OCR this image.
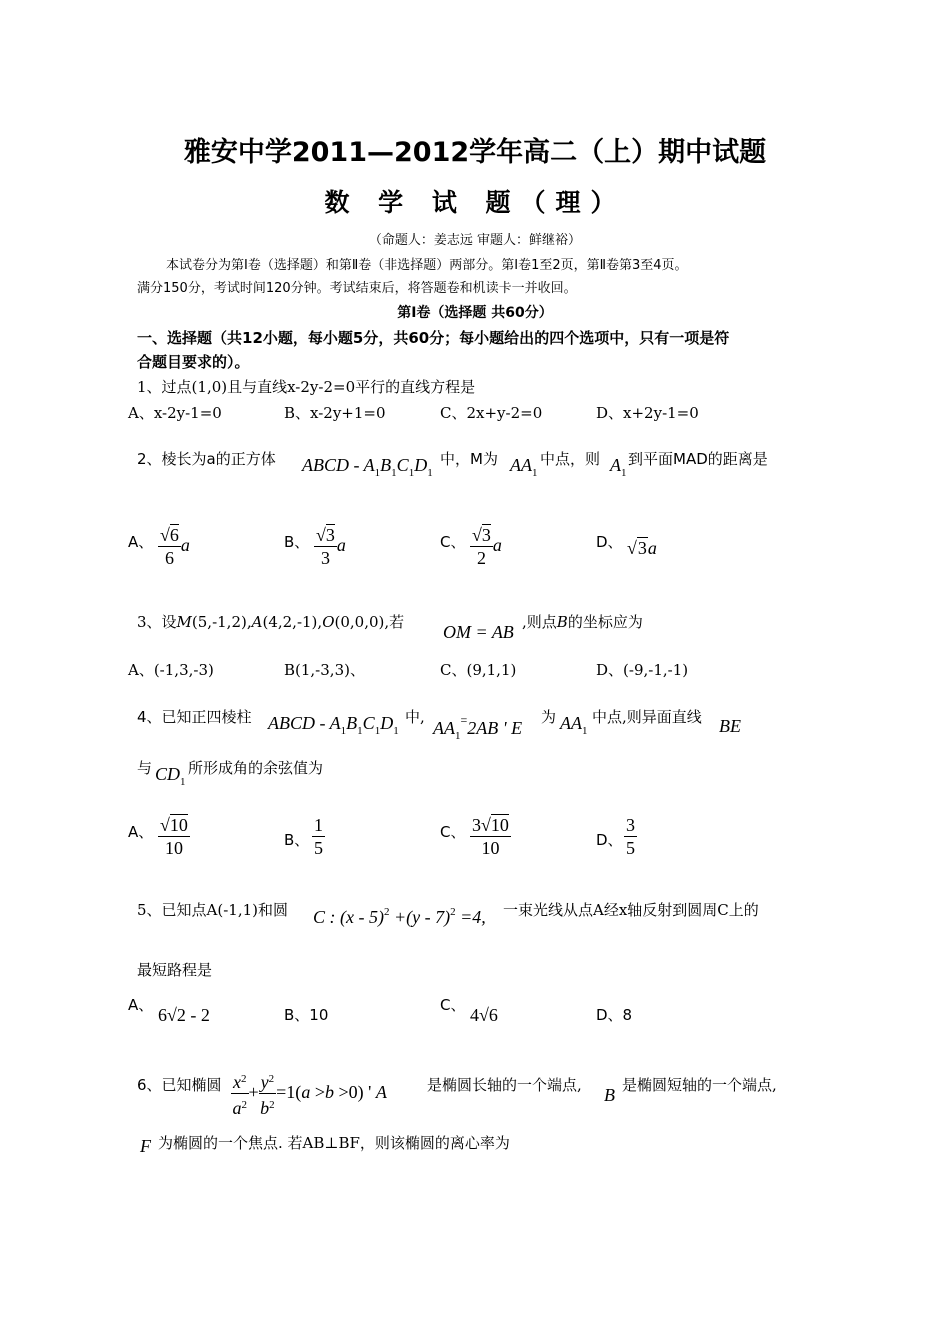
雅安中学2011—2012学年高二（上）期中试题
数 学 试 题（理）
（命题人：姜志远 审题人：鲜继裕）
本试卷分为第Ⅰ卷（选择题）和第Ⅱ卷（非选择题）两部分。第Ⅰ卷1至2页，第Ⅱ卷第3至4页。
满分150分，考试时间120分钟。考试结束后，将答题卷和机读卡一并收回。
第Ⅰ卷（选择题 共60分）
一、选择题（共12小题，每小题5分，共60分；每小题给出的四个选项中，只有一项是符
合题目要求的）。
1、过点(1,0)且与直线x-2y-2=0平行的直线方程是
A、x-2y-1=0	B、x-2y+1=0	C、2x+y-2=0	D、x+2y-1=0
2、棱长为a的正方体 ABCD - $A_1B_1C_1D_1$
中，M为 $AA_1$
中点，则 $A_1$
到平面MAD的距离是
A、 $\frac{√6}{6}$ a	B、 $\frac{√3}{3}$ a	C、 $\frac{√3}{2}$ a	D、 √3a
3、设M(5,-1,2),A(4,2,-1),O(0,0,0),若 OM = AB ,则点B的坐标应为
A、(-1,3,-3)	B(1,-3,3)、	C、(9,1,1)	D、(-9,-1,-1)
4、已知正四棱柱 ABCD - $A_1B_1C_1D_1$
中,
$AA_1^=2AB$ ' E
为 $AA_1$
中点,则异面直线 BE
与 $CD_1$
所形成角的余弦值为
A、 $\frac{√10}{10}$	B、 $\frac{1}{5}$	C、 $\frac{3√10}{10}$	D、 $\frac{3}{5}$
5、已知点A(-1,1)和圆 C : (x - 5)$^2$ +(y - 7)$^2$ =4, 一束光线从点A经x轴反射到圆周C上的
最短路程是
A、 6√2 - 2	B、10
C、 4√6	D、8
6、已知椭圆 $\frac{x^2}{a^2} + \frac{y^2}{b^2} =1(a >b >0)$ ' A	是椭圆长轴的一个端点, B 是椭圆短轴的一个端点,
F 为椭圆的一个焦点. 若AB⊥BF，则该椭圆的离心率为
